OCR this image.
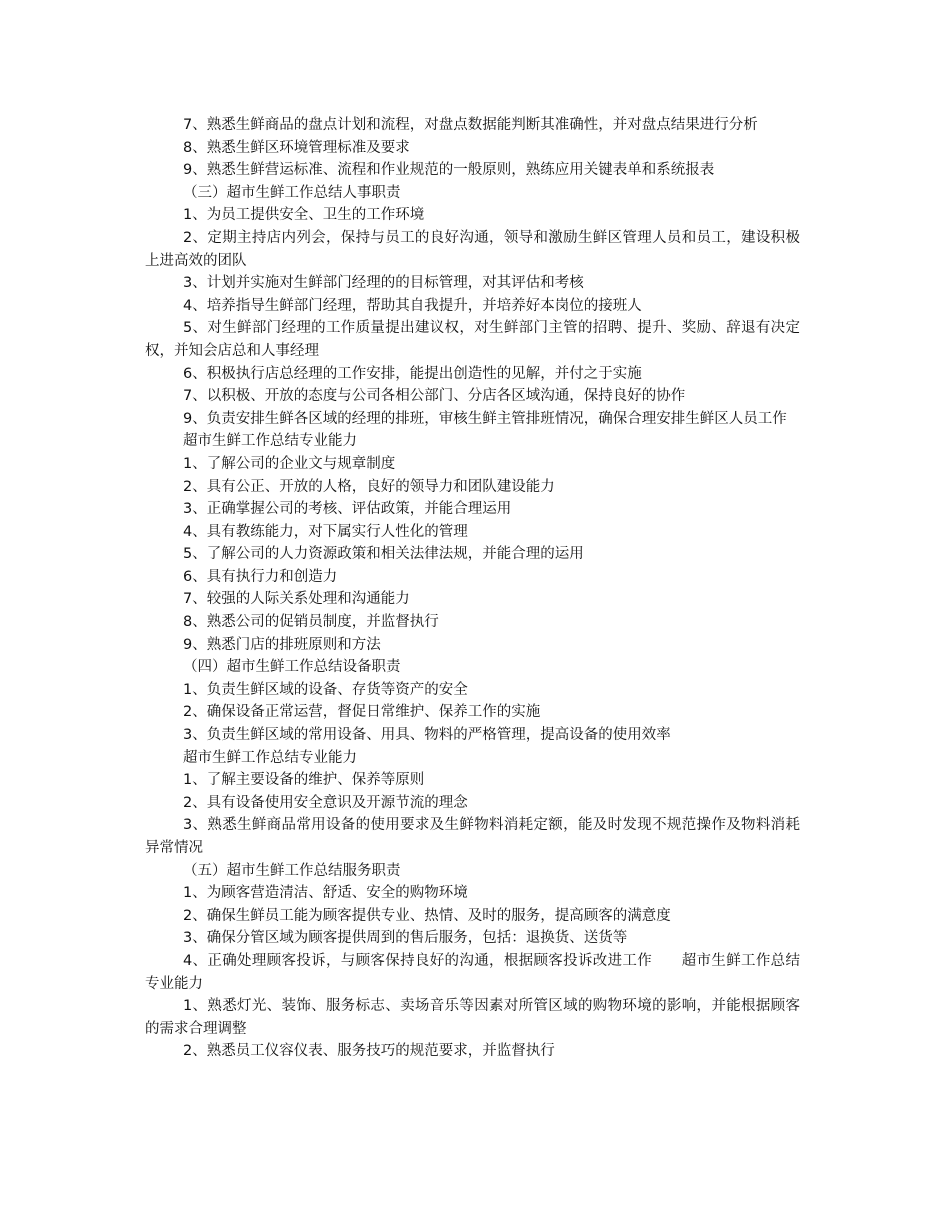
7、熟悉生鲜商品的盘点计划和流程，对盘点数据能判断其准确性，并对盘点结果进行分析

8、熟悉生鲜区环境管理标准及要求

9、熟悉生鲜营运标准、流程和作业规范的一般原则，熟练应用关键表单和系统报表

（三）超市生鲜工作总结人事职责

1、为员工提供安全、卫生的工作环境

2、定期主持店内列会，保持与员工的良好沟通，领导和激励生鲜区管理人员和员工，建设积极上进高效的团队

3、计划并实施对生鲜部门经理的的目标管理，对其评估和考核

4、培养指导生鲜部门经理，帮助其自我提升，并培养好本岗位的接班人

5、对生鲜部门经理的工作质量提出建议权，对生鲜部门主管的招聘、提升、奖励、辞退有决定权，并知会店总和人事经理

6、积极执行店总经理的工作安排，能提出创造性的见解，并付之于实施

7、以积极、开放的态度与公司各相公部门、分店各区域沟通，保持良好的协作

9、负责安排生鲜各区域的经理的排班，审核生鲜主管排班情况，确保合理安排生鲜区人员工作

超市生鲜工作总结专业能力

1、了解公司的企业文与规章制度

2、具有公正、开放的人格，良好的领导力和团队建设能力

3、正确掌握公司的考核、评估政策，并能合理运用

4、具有教练能力，对下属实行人性化的管理

5、了解公司的人力资源政策和相关法律法规，并能合理的运用

6、具有执行力和创造力

7、较强的人际关系处理和沟通能力

8、熟悉公司的促销员制度，并监督执行

9、熟悉门店的排班原则和方法

（四）超市生鲜工作总结设备职责

1、负责生鲜区域的设备、存货等资产的安全

2、确保设备正常运营，督促日常维护、保养工作的实施

3、负责生鲜区域的常用设备、用具、物料的严格管理，提高设备的使用效率

超市生鲜工作总结专业能力

1、了解主要设备的维护、保养等原则

2、具有设备使用安全意识及开源节流的理念

3、熟悉生鲜商品常用设备的使用要求及生鲜物料消耗定额，能及时发现不规范操作及物料消耗异常情况

（五）超市生鲜工作总结服务职责

1、为顾客营造清洁、舒适、安全的购物环境

2、确保生鲜员工能为顾客提供专业、热情、及时的服务，提高顾客的满意度

3、确保分管区域为顾客提供周到的售后服务，包括：退换货、送货等

4、正确处理顾客投诉，与顾客保持良好的沟通，根据顾客投诉改进工作　　超市生鲜工作总结专业能力

1、熟悉灯光、装饰、服务标志、卖场音乐等因素对所管区域的购物环境的影响，并能根据顾客的需求合理调整

2、熟悉员工仪容仪表、服务技巧的规范要求，并监督执行
